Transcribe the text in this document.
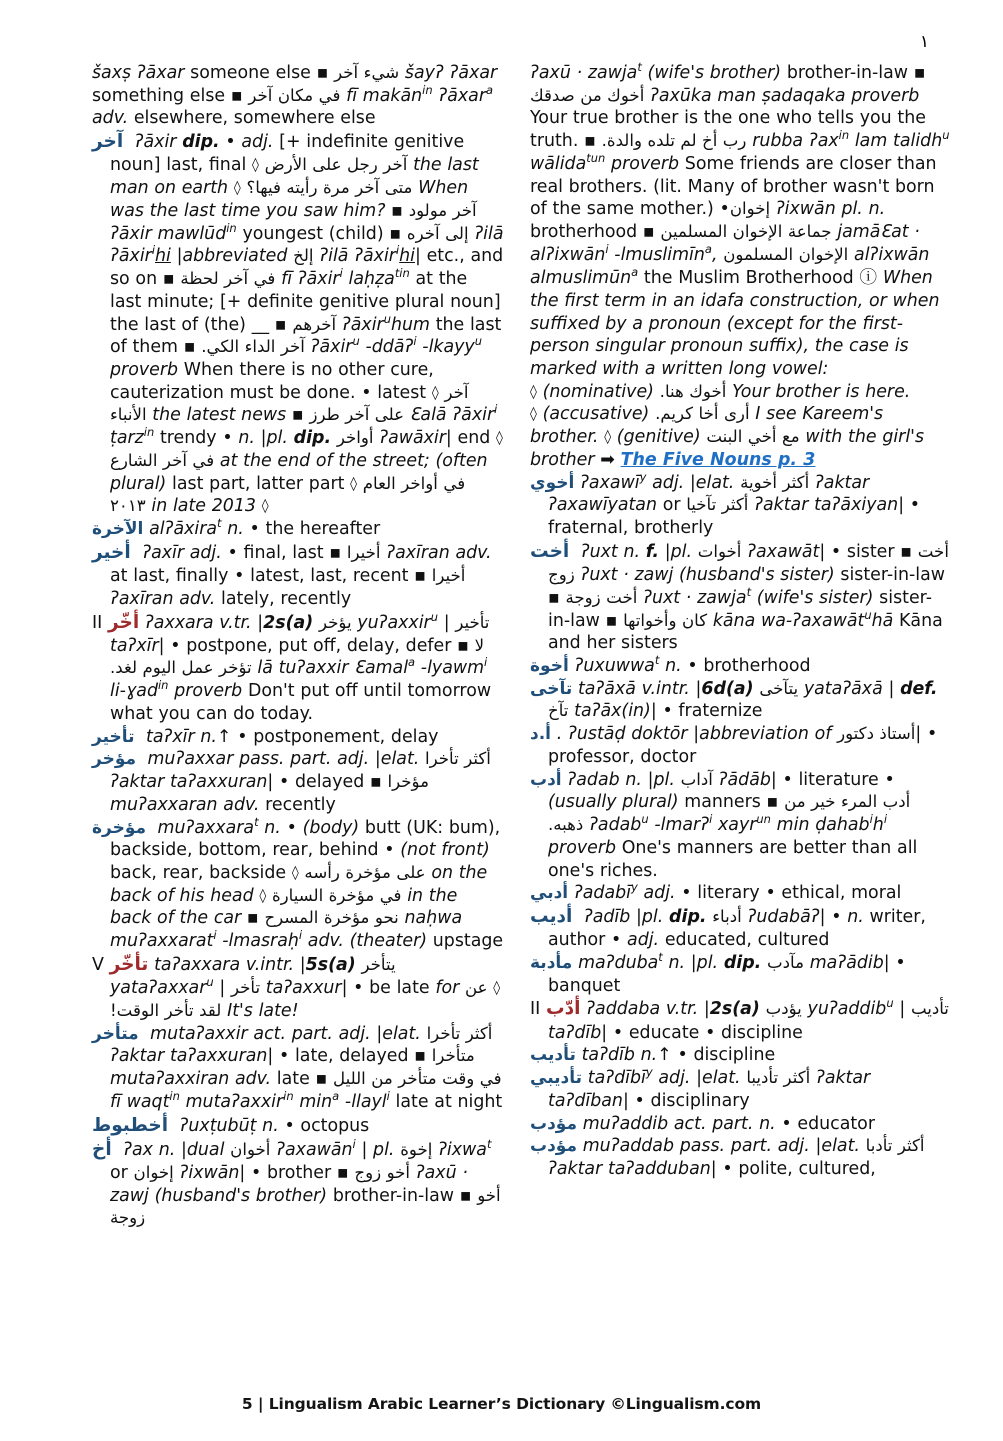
١

šaxṣ ʔāxar someone else ▪ شيء آخر šayʔ ʔāxar something else ▪ في مكان آخر fī makān$^{in}$ ʔāxar$^a$ adv. elsewhere, somewhere else

آخر ʔāxir dip. • adj. [+ indefinite genitive noun] last, final ◊ آخر رجل على الأرض the last man on earth ◊ متى آخر مرة رأيته فيها؟ When was the last time you saw him? ▪ آخر مولود ʔāxir mawlūd$^{in}$ youngest (child) ▪ إلى آخره ʔilā ʔāxir$^i$hi |abbreviated إلخ ʔilā ʔāxir$^i$hi| etc., and so on ▪ في آخر لحظة fī ʔāxir$^i$ laḥẓa$^{tin}$ at the last minute; [+ definite genitive plural noun] the last of (the) __ ▪ آخرهم ʔāxir$^u$hum the last of them ▪ آخر الداء الكي. ʔāxir$^u$ -ddāʔ$^i$ -lkayy$^u$ proverb When there is no other cure, cauterization must be done. • latest ◊ آخر الأنباء the latest news ▪ على آخر طرز Ɛalā ʔāxir$^i$ ṭarz$^{in}$ trendy • n. |pl. dip. أواخر ʔawāxir| end ◊ في آخر الشارع at the end of the street; (often plural) last part, latter part ◊ في أواخر العام ٢٠١٣ in late 2013 ◊

الآخرة alʔāxira$^t$ n. • the hereafter

أخير ʔaxīr adj. • final, last ▪ أخيرا ʔaxīran adv. at last, finally • latest, last, recent ▪ أخيرا ʔaxīran adv. lately, recently

II أخّر ʔaxxara v.tr. |2s(a) يؤخر yuʔaxxir$^u$ | تأخير taʔxīr| • postpone, put off, delay, defer ▪ لا تؤخر عمل اليوم لغد. lā tuʔaxxir Ɛamal$^a$ -lyawm$^i$ li-ɣad$^{in}$ proverb Don't put off until tomorrow what you can do today.

تأخير taʔxīr n.↑ • postponement, delay

مؤخر muʔaxxar pass. part. adj. |elat. أكثر تأخرا ʔaktar taʔaxxuran| • delayed ▪ مؤخرا muʔaxxaran adv. recently

مؤخرة muʔaxxara$^t$ n. • (body) butt (UK: bum), backside, bottom, rear, behind • (not front) back, rear, backside ◊ على مؤخرة رأسه on the back of his head ◊ في مؤخرة السيارة in the back of the car ▪ نحو مؤخرة المسرح naḥwa muʔaxxarat$^i$ -lmasraḥ$^i$ adv. (theater) upstage

V تأخّر taʔaxxara v.intr. |5s(a) يتأخر yataʔaxxar$^u$ | تأخر taʔaxxur| • be late for عن ◊ لقد تأخر الوقت! It's late!

متأخر mutaʔaxxir act. part. adj. |elat. أكثر تأخرا ʔaktar taʔaxxuran| • late, delayed ▪ متأخرا mutaʔaxxiran adv. late ▪ في وقت متأخر من الليل fī waqt$^{in}$ mutaʔaxxir$^{in}$ $\min^a$ -llayl$^i$ late at night

أخطبوط ʔuxṭubūṭ n. • octopus

أخ ʔax n. |dual أخوان ʔaxawān$^i$ | pl. إخوة ʔixwa$^t$ or إخوان ʔixwān| • brother ▪ أخو زوج ʔaxū · zawj (husband's brother) brother-in-law ▪ أخو زوجة

ʔaxū · zawja$^t$ (wife's brother) brother-in-law ▪ أخوك من صدقك ʔaxūka man ṣadaqaka proverb Your true brother is the one who tells you the truth. ▪ رب أخ لم تلده والدة. rubba ʔax$^{in}$ lam talidh$^u$ wālida$^{tun}$ proverb Some friends are closer than real brothers. (lit. Many of brother wasn't born of the same mother.) •إخوان ʔixwān pl. n. brotherhood ▪ جماعة الإخوان المسلمين jamāƐat · alʔixwān$^i$ -lmuslimīn$^a$, الإخوان المسلمون alʔixwān almuslimūn$^a$ the Muslim Brotherhood ⓘ When the first term in an idafa construction, or when suffixed by a pronoun (except for the first-person singular pronoun suffix), the case is marked with a written long vowel:
◊ (nominative) أخوك هنا. Your brother is here.
◊ (accusative) أرى أخا كريم. I see Kareem's brother. ◊ (genitive) مع أخي البنت with the girl's brother ➡ The Five Nouns p. 3

أخوي ʔaxawī$^y$ adj. |elat. أكثر أخوية ʔaktar ʔaxawīyatan or أكثر تآخيا ʔaktar taʔāxiyan| • fraternal, brotherly

أخت ʔuxt n. f. |pl. أخوات ʔaxawāt| • sister ▪ أخت زوج ʔuxt · zawj (husband's sister) sister-in-law ▪ أخت زوجة ʔuxt · zawja$^t$ (wife's sister) sister-in-law ▪ كان وأخواتها kāna wa-ʔaxawāt$^u$hā Kāna and her sisters

أخوة ʔuxuwwa$^t$ n. • brotherhood

تآخى taʔāxā v.intr. |6d(a) يتآخى yataʔāxā | def. تآخ taʔāx(in)| • fraternize

أ.د . ʔustāḍ doktōr |abbreviation of أستاذ دكتور| • professor, doctor

أدب ʔadab n. |pl. آداب ʔādāb| • literature • (usually plural) manners ▪ أدب المرء خير من ذهبه. ʔadab$^u$ -lmarʔ$^i$ xayr$^{un}$ $\min ḍahab^ih^i$ proverb One's manners are better than all one's riches.

أدبي ʔadabī$^y$ adj. • literary • ethical, moral

أديب ʔadīb |pl. dip. أدباء ʔudabāʔ| • n. writer, author • adj. educated, cultured

مأدبة maʔduba$^t$ n. |pl. dip. مآدب maʔādib| • banquet

II أدّب ʔaddaba v.tr. |2s(a) يؤدب yuʔaddib$^u$ | تأديب taʔdīb| • educate • discipline

تأديب taʔdīb n.↑ • discipline

تأديبي taʔdībī$^y$ adj. |elat. أكثر تأديبا ʔaktar taʔdīban| • disciplinary

مؤدب muʔaddib act. part. n. • educator

مؤدب muʔaddab pass. part. adj. |elat. أكثر تأدبا ʔaktar taʔadduban| • polite, cultured,

5 | Lingualism Arabic Learner’s Dictionary ©Lingualism.com
